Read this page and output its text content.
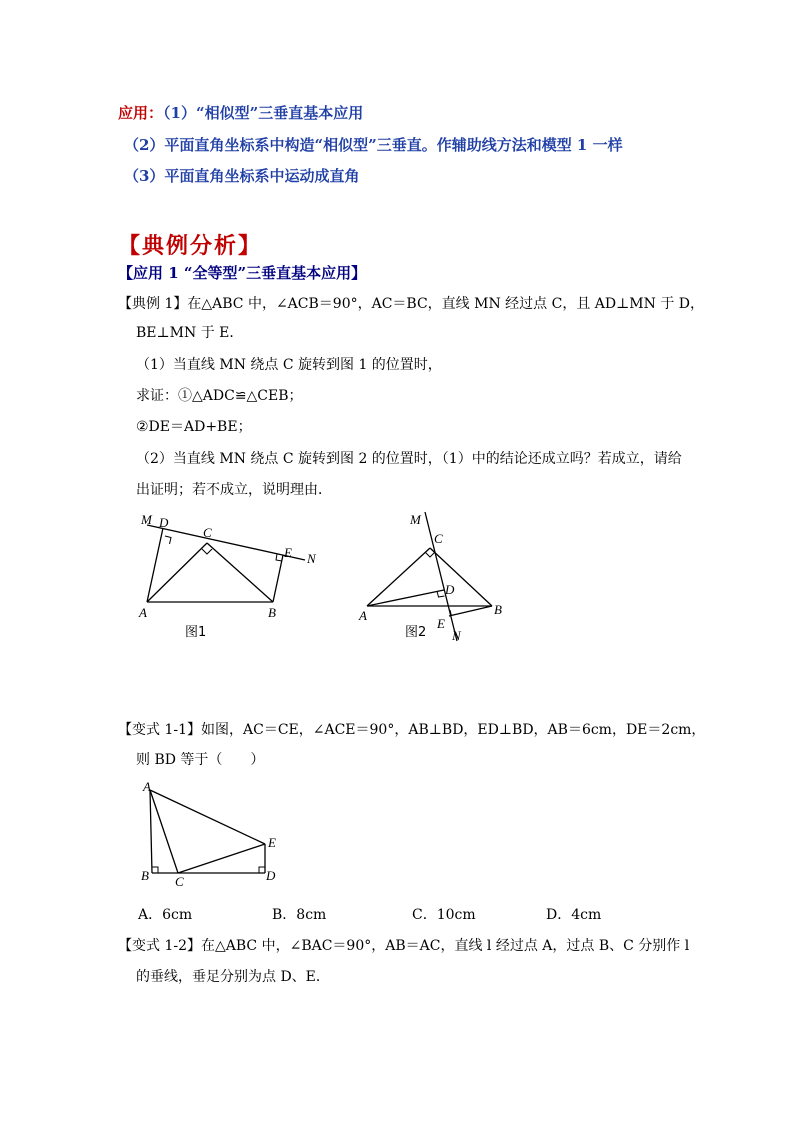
应用：（1）“相似型”三垂直基本应用
（2）平面直角坐标系中构造“相似型”三垂直。作辅助线方法和模型 1 一样
（3）平面直角坐标系中运动成直角
【典例分析】
【应用 1 “全等型”三垂直基本应用】
【典例 1】在△ABC 中，∠ACB＝90°，AC＝BC，直线 MN 经过点 C，且 AD⊥MN 于 D，
BE⊥MN 于 E．
（1）当直线 MN 绕点 C 旋转到图 1 的位置时，
求证：①△ADC≌△CEB；
②DE＝AD+BE；
（2）当直线 MN 绕点 C 旋转到图 2 的位置时，（1）中的结论还成立吗？若成立，请给
出证明；若不成立，说明理由．
M D
C
E N
A	B
图1
M
C
D
A	B
E
N
图2
【变式 1-1】如图，AC＝CE，∠ACE＝90°，AB⊥BD，ED⊥BD，AB＝6cm，DE＝2cm，
则 BD 等于（　　）
A
E
B C	D
A．6cm	B．8cm	C．10cm	D．4cm
【变式 1-2】在△ABC 中，∠BAC＝90°，AB＝AC，直线 l 经过点 A，过点 B、C 分别作 l
的垂线，垂足分别为点 D、E．
